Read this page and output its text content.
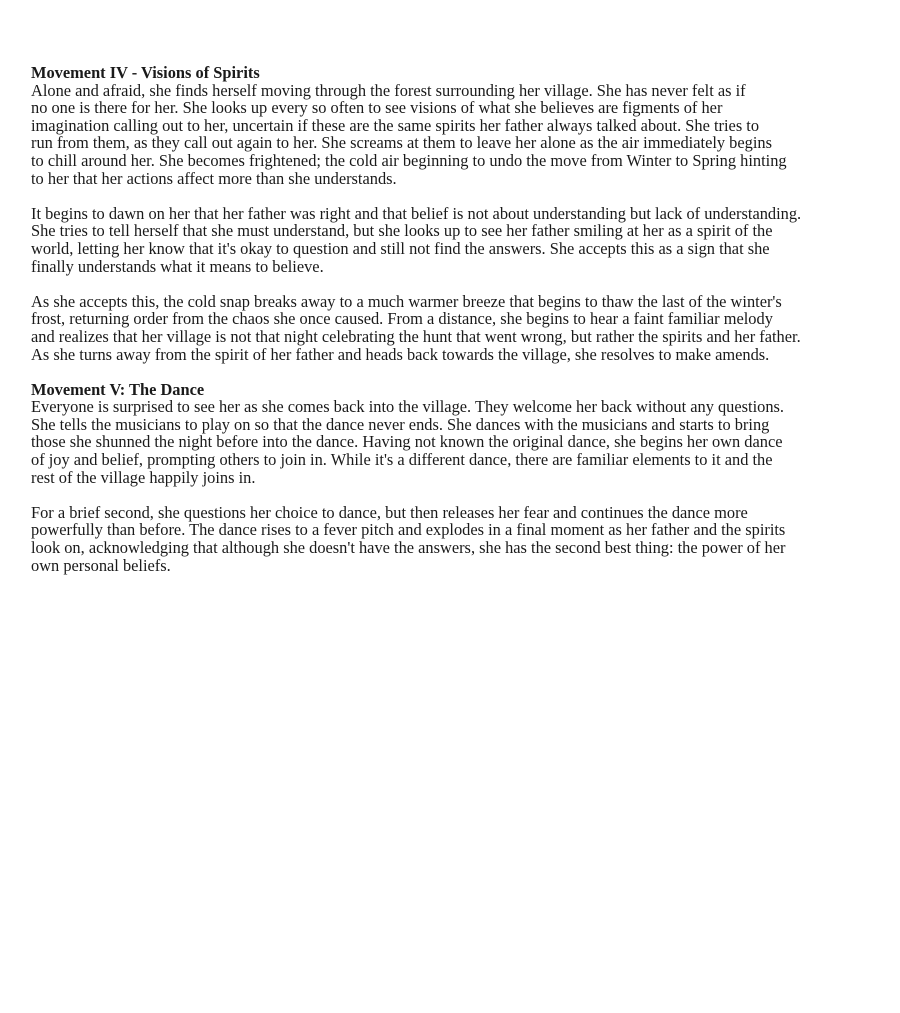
Movement IV - Visions of Spirits
Alone and afraid, she finds herself moving through the forest surrounding her village. She has never felt as if
no one is there for her. She looks up every so often to see visions of what she believes are figments of her
imagination calling out to her, uncertain if these are the same spirits her father always talked about. She tries to
run from them, as they call out again to her. She screams at them to leave her alone as the air immediately begins
to chill around her. She becomes frightened; the cold air beginning to undo the move from Winter to Spring hinting
to her that her actions affect more than she understands.
It begins to dawn on her that her father was right and that belief is not about understanding but lack of understanding.
She tries to tell herself that she must understand, but she looks up to see her father smiling at her as a spirit of the
world, letting her know that it's okay to question and still not find the answers. She accepts this as a sign that she
finally understands what it means to believe.
As she accepts this, the cold snap breaks away to a much warmer breeze that begins to thaw the last of the winter's
frost, returning order from the chaos she once caused. From a distance, she begins to hear a faint familiar melody
and realizes that her village is not that night celebrating the hunt that went wrong, but rather the spirits and her father.
As she turns away from the spirit of her father and heads back towards the village, she resolves to make amends.
Movement V: The Dance
Everyone is surprised to see her as she comes back into the village. They welcome her back without any questions.
She tells the musicians to play on so that the dance never ends. She dances with the musicians and starts to bring
those she shunned the night before into the dance. Having not known the original dance, she begins her own dance
of joy and belief, prompting others to join in. While it's a different dance, there are familiar elements to it and the
rest of the village happily joins in.
For a brief second, she questions her choice to dance, but then releases her fear and continues the dance more
powerfully than before. The dance rises to a fever pitch and explodes in a final moment as her father and the spirits
look on, acknowledging that although she doesn't have the answers, she has the second best thing: the power of her
own personal beliefs.
